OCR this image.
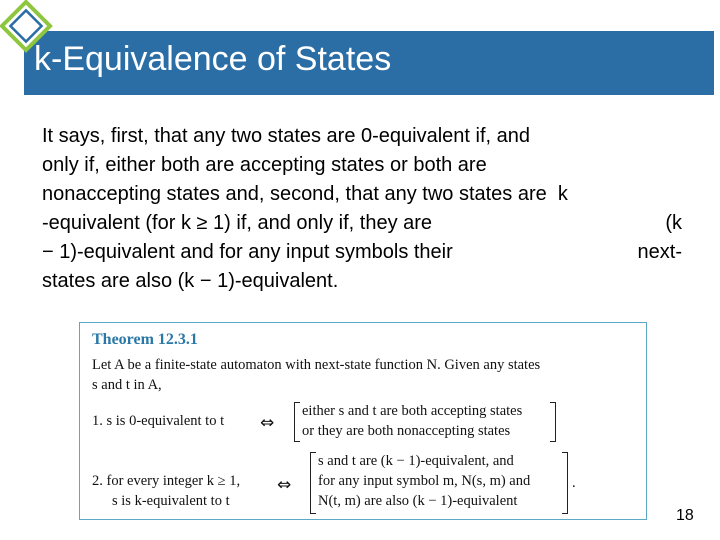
k-Equivalence of States
It says, first, that any two states are 0-equivalent if, and
only if, either both are accepting states or both are
nonaccepting states and, second, that any two states are  k
-equivalent (for k ≥ 1) if, and only if, they are	(k
− 1)-equivalent and for any input symbols their	next-
states are also (k − 1)-equivalent.
Theorem 12.3.1
Let A be a finite-state automaton with next-state function N. Given any states
s and t in A,
1. s is 0-equivalent to t ⇔
either s and t are both accepting states
or they are both nonaccepting states
2. for every integer k ≥ 1,
s is k-equivalent to t
⇔
s and t are (k − 1)-equivalent, and
for any input symbol m, N(s, m) and
N(t, m) are also (k − 1)-equivalent
.
18
